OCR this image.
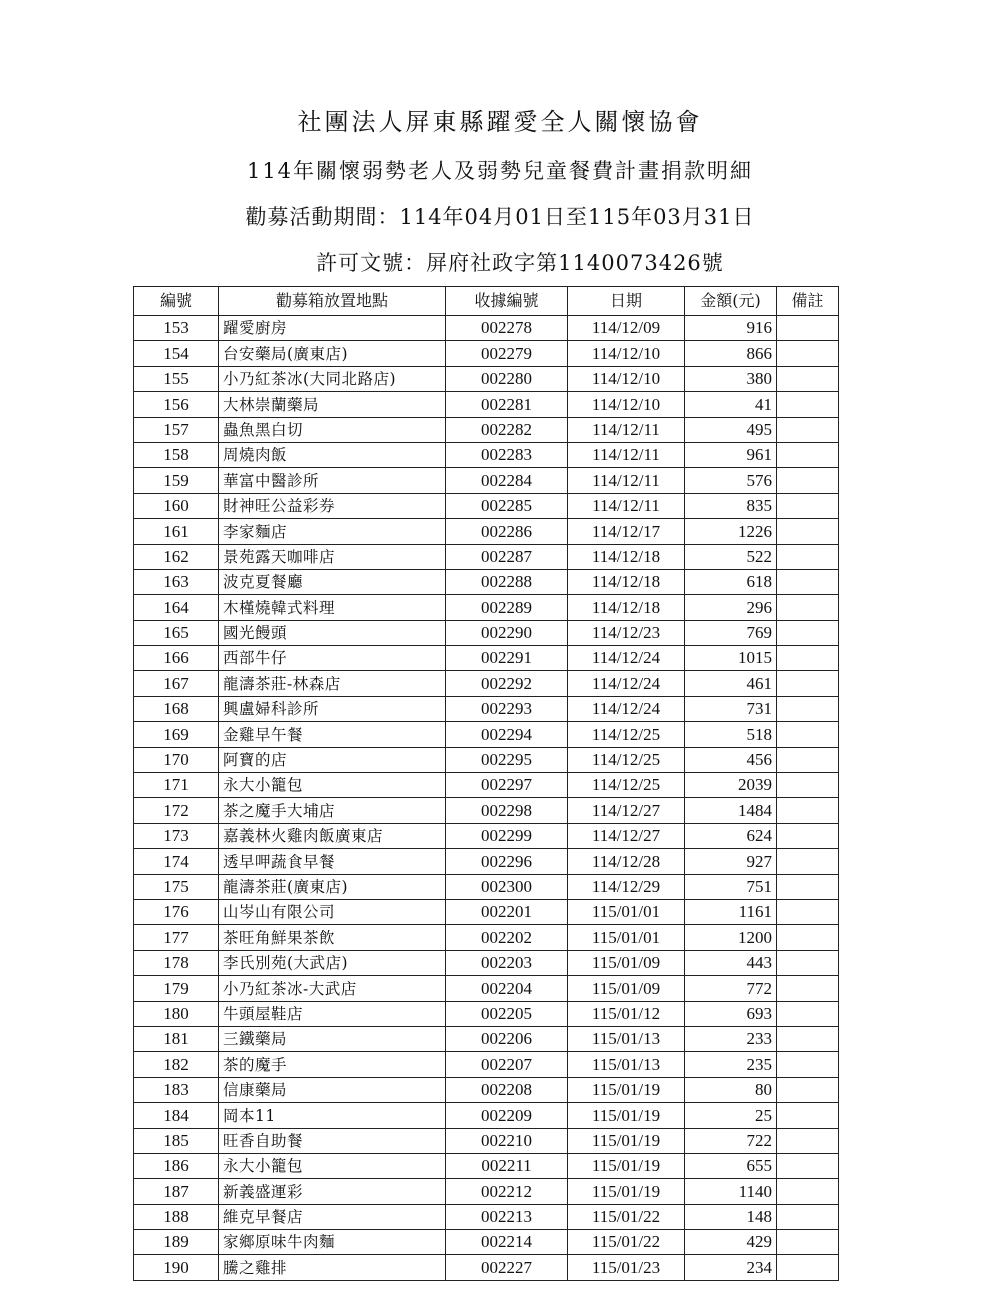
社團法人屏東縣躍愛全人關懷協會
114年關懷弱勢老人及弱勢兒童餐費計畫捐款明細
勸募活動期間：114年04月01日至115年03月31日
許可文號：屏府社政字第1140073426號
編號	勸募箱放置地點	收據編號	日期	金額(元)	備註
153	躍愛廚房	002278	114/12/09	916	
154	台安藥局(廣東店)	002279	114/12/10	866	
155	小乃紅茶冰(大同北路店)	002280	114/12/10	380	
156	大林崇蘭藥局	002281	114/12/10	41	
157	蟲魚黑白切	002282	114/12/11	495	
158	周燒肉飯	002283	114/12/11	961	
159	華富中醫診所	002284	114/12/11	576	
160	財神旺公益彩券	002285	114/12/11	835	
161	李家麵店	002286	114/12/17	1226	
162	景苑露天咖啡店	002287	114/12/18	522	
163	波克夏餐廳	002288	114/12/18	618	
164	木槿燒韓式料理	002289	114/12/18	296	
165	國光饅頭	002290	114/12/23	769	
166	西部牛仔	002291	114/12/24	1015	
167	龍濤茶莊-林森店	002292	114/12/24	461	
168	興盧婦科診所	002293	114/12/24	731	
169	金雞早午餐	002294	114/12/25	518	
170	阿寶的店	002295	114/12/25	456	
171	永大小籠包	002297	114/12/25	2039	
172	茶之魔手大埔店	002298	114/12/27	1484	
173	嘉義林火雞肉飯廣東店	002299	114/12/27	624	
174	透早呷蔬食早餐	002296	114/12/28	927	
175	龍濤茶莊(廣東店)	002300	114/12/29	751	
176	山岑山有限公司	002201	115/01/01	1161	
177	茶旺角鮮果茶飲	002202	115/01/01	1200	
178	李氏別苑(大武店)	002203	115/01/09	443	
179	小乃紅茶冰-大武店	002204	115/01/09	772	
180	牛頭屋鞋店	002205	115/01/12	693	
181	三鐵藥局	002206	115/01/13	233	
182	茶的魔手	002207	115/01/13	235	
183	信康藥局	002208	115/01/19	80	
184	岡本11	002209	115/01/19	25	
185	旺香自助餐	002210	115/01/19	722	
186	永大小籠包	002211	115/01/19	655	
187	新義盛運彩	002212	115/01/19	1140	
188	維克早餐店	002213	115/01/22	148	
189	家鄉原味牛肉麵	002214	115/01/22	429	
190	騰之雞排	002227	115/01/23	234	
